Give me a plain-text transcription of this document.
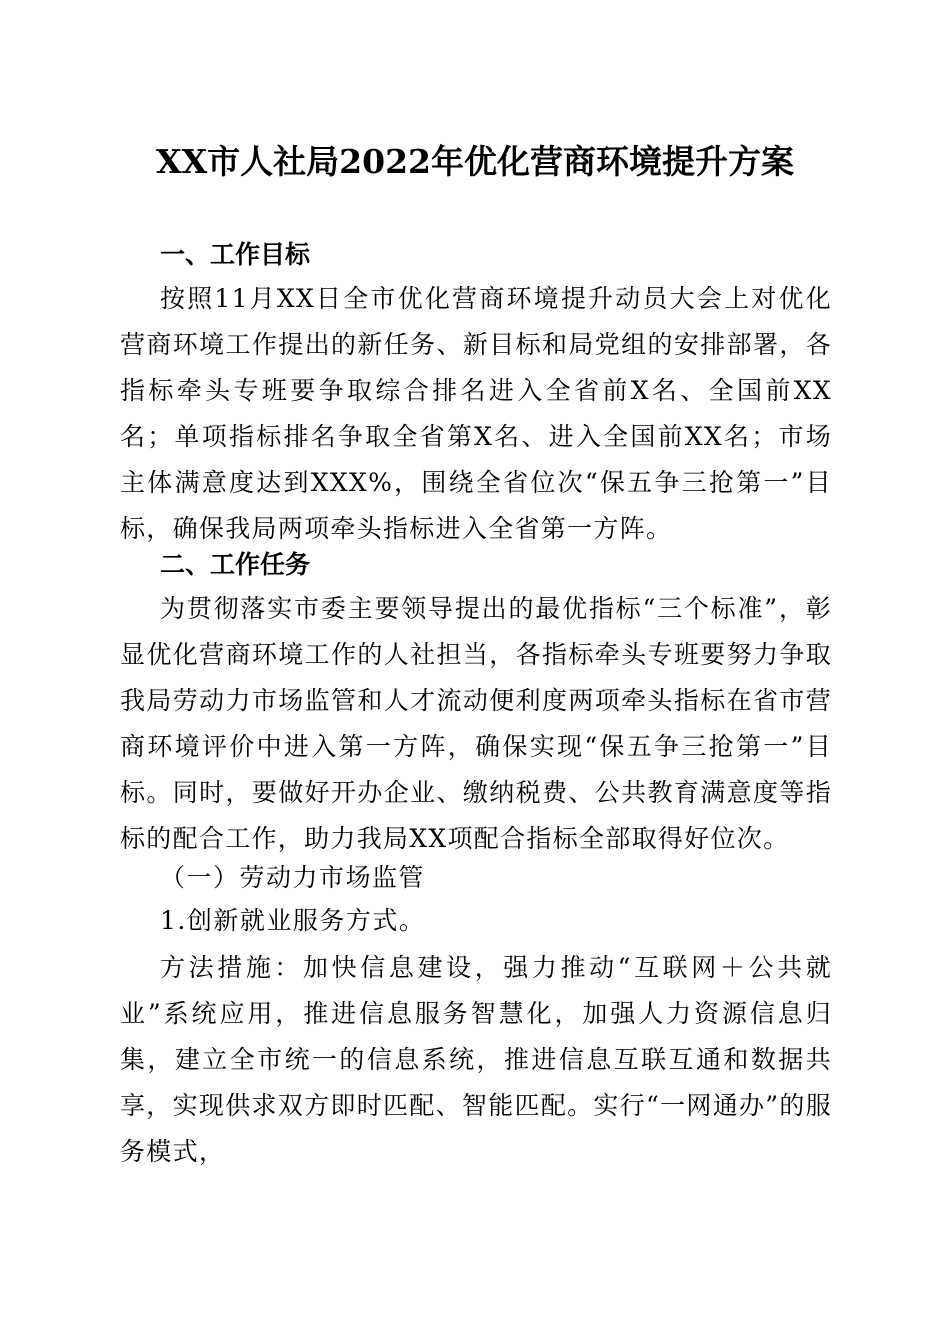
XX市人社局2022年优化营商环境提升方案
一、工作目标
按照11月XX日全市优化营商环境提升动员大会上对优化营商环境工作提出的新任务、新目标和局党组的安排部署，各指标牵头专班要争取综合排名进入全省前X名、全国前XX名；单项指标排名争取全省第X名、进入全国前XX名；市场主体满意度达到XXX%，围绕全省位次“保五争三抢第一”目标，确保我局两项牵头指标进入全省第一方阵。
二、工作任务
为贯彻落实市委主要领导提出的最优指标“三个标准”，彰显优化营商环境工作的人社担当，各指标牵头专班要努力争取我局劳动力市场监管和人才流动便利度两项牵头指标在省市营商环境评价中进入第一方阵，确保实现“保五争三抢第一”目标。同时，要做好开办企业、缴纳税费、公共教育满意度等指标的配合工作，助力我局XX项配合指标全部取得好位次。
（一）劳动力市场监管
1.创新就业服务方式。
方法措施：加快信息建设，强力推动“互联网＋公共就业”系统应用，推进信息服务智慧化，加强人力资源信息归集，建立全市统一的信息系统，推进信息互联互通和数据共享，实现供求双方即时匹配、智能匹配。实行“一网通办”的服务模式，
